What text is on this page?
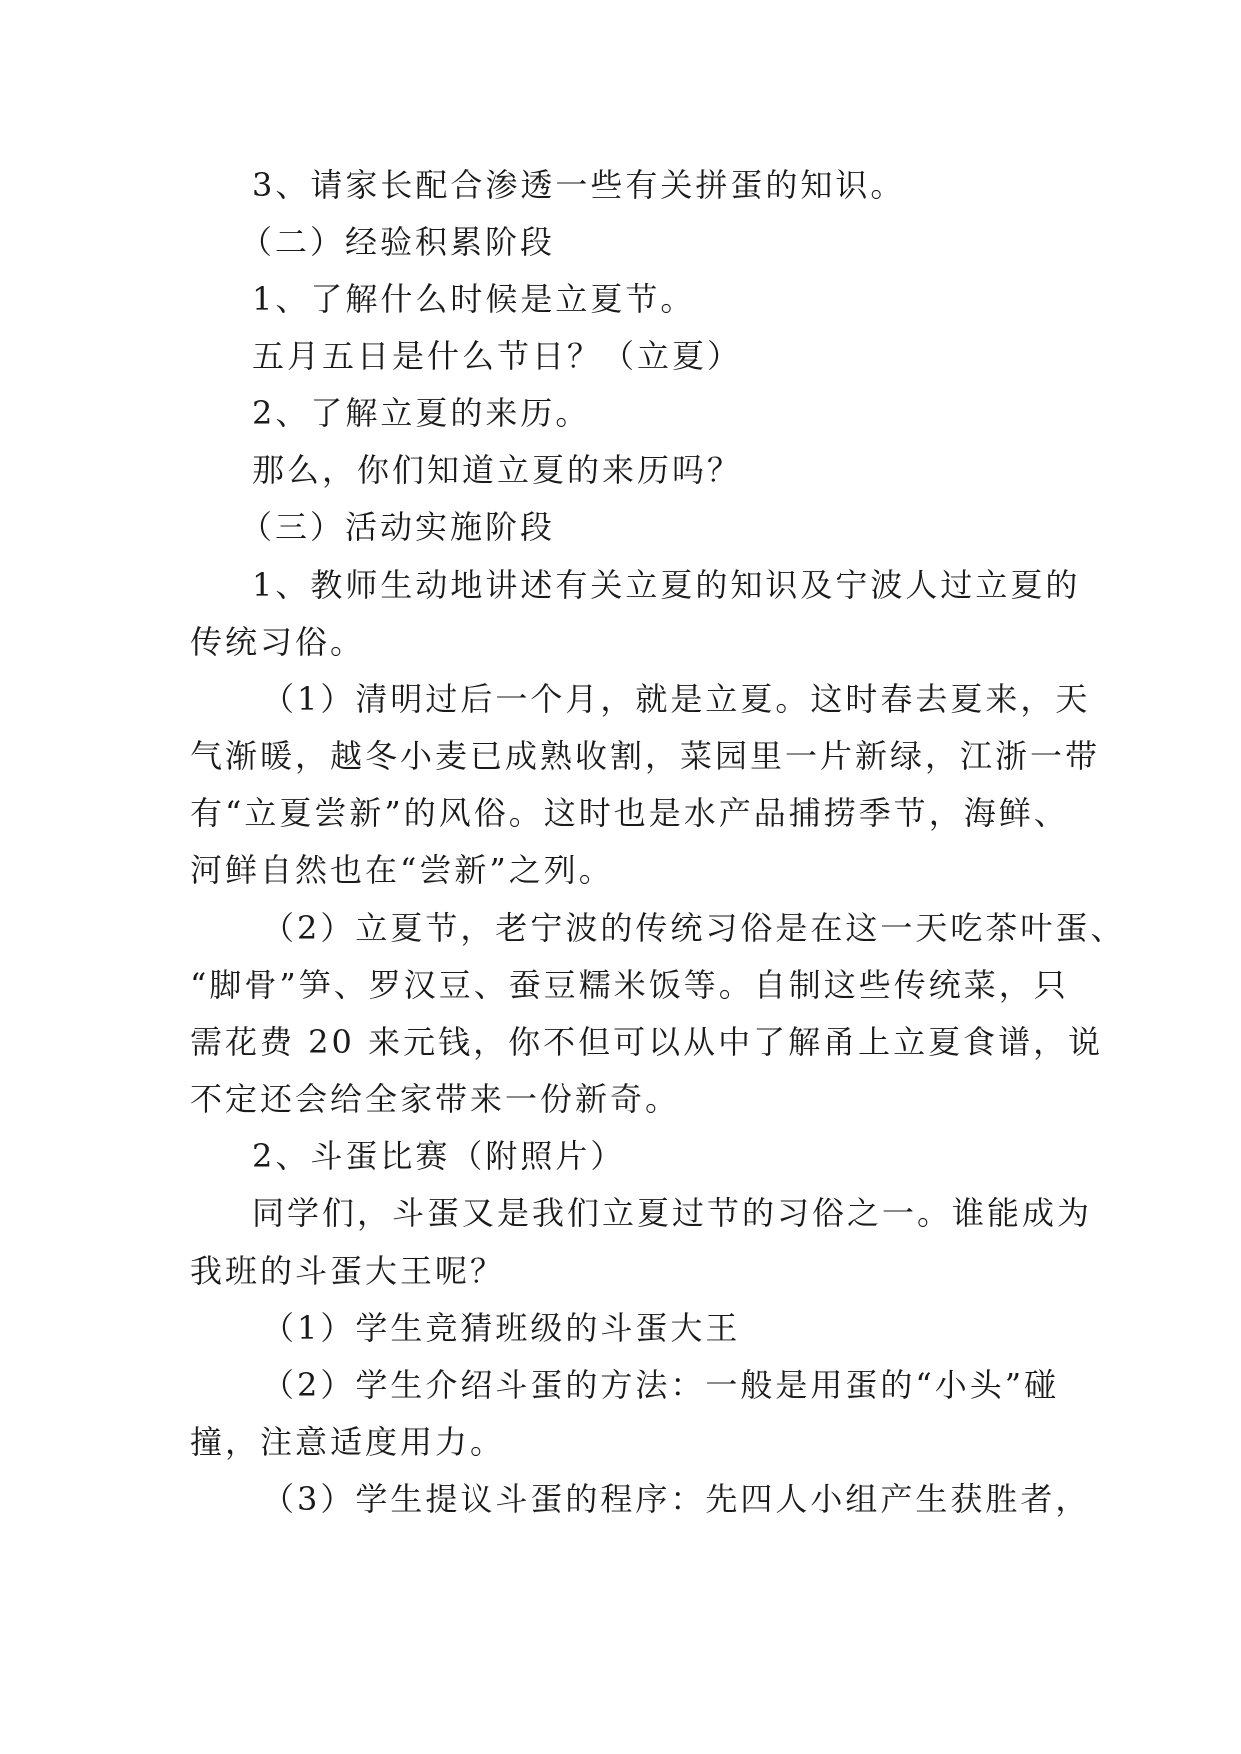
3、请家长配合渗透一些有关拼蛋的知识。
（二）经验积累阶段
1、了解什么时候是立夏节。
五月五日是什么节日？（立夏）
2、了解立夏的来历。
那么，你们知道立夏的来历吗？
（三）活动实施阶段
1、教师生动地讲述有关立夏的知识及宁波人过立夏的
传统习俗。
（1）清明过后一个月，就是立夏。这时春去夏来，天
气渐暖，越冬小麦已成熟收割，菜园里一片新绿，江浙一带
有“立夏尝新”的风俗。这时也是水产品捕捞季节，海鲜、
河鲜自然也在“尝新”之列。
（2）立夏节，老宁波的传统习俗是在这一天吃茶叶蛋、
“脚骨”笋、罗汉豆、蚕豆糯米饭等。自制这些传统菜，只
需花费 20 来元钱，你不但可以从中了解甬上立夏食谱，说
不定还会给全家带来一份新奇。
2、斗蛋比赛（附照片）
同学们，斗蛋又是我们立夏过节的习俗之一。谁能成为
我班的斗蛋大王呢？
（1）学生竞猜班级的斗蛋大王
（2）学生介绍斗蛋的方法：一般是用蛋的“小头”碰
撞，注意适度用力。
（3）学生提议斗蛋的程序：先四人小组产生获胜者，
